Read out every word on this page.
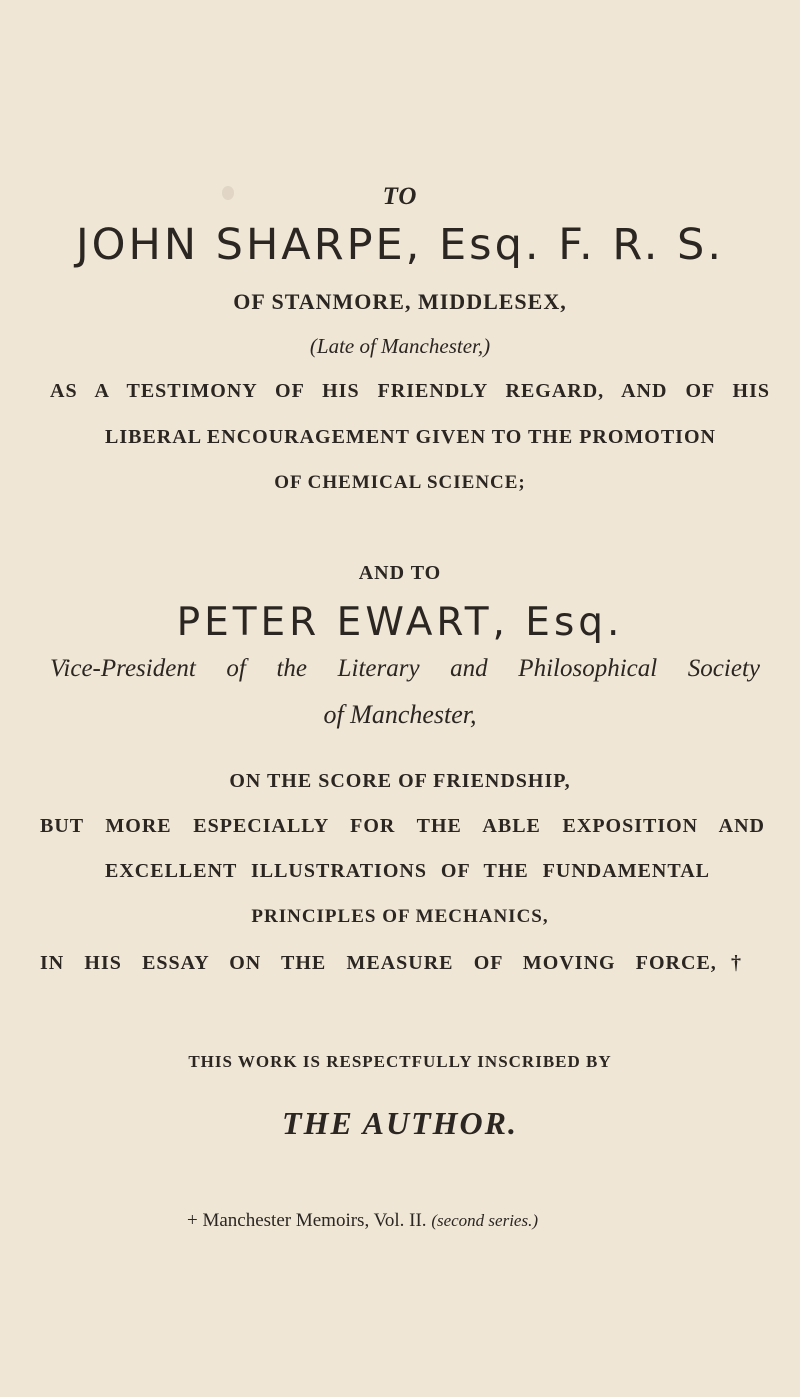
TO
JOHN SHARPE, Esq. F. R. S.
OF STANMORE, MIDDLESEX,
(Late of Manchester,)
AS A TESTIMONY OF HIS FRIENDLY REGARD, AND OF HIS
LIBERAL ENCOURAGEMENT GIVEN TO THE PROMOTION
OF CHEMICAL SCIENCE;
AND TO
PETER EWART, Esq.
Vice-President of the Literary and Philosophical Society
of Manchester,
ON THE SCORE OF FRIENDSHIP,
BUT MORE ESPECIALLY FOR THE ABLE EXPOSITION AND
EXCELLENT ILLUSTRATIONS OF THE FUNDAMENTAL
PRINCIPLES OF MECHANICS,
IN HIS ESSAY ON THE MEASURE OF MOVING FORCE,†
THIS WORK IS RESPECTFULLY INSCRIBED BY
THE AUTHOR.
+ Manchester Memoirs, Vol. II. (second series.)
